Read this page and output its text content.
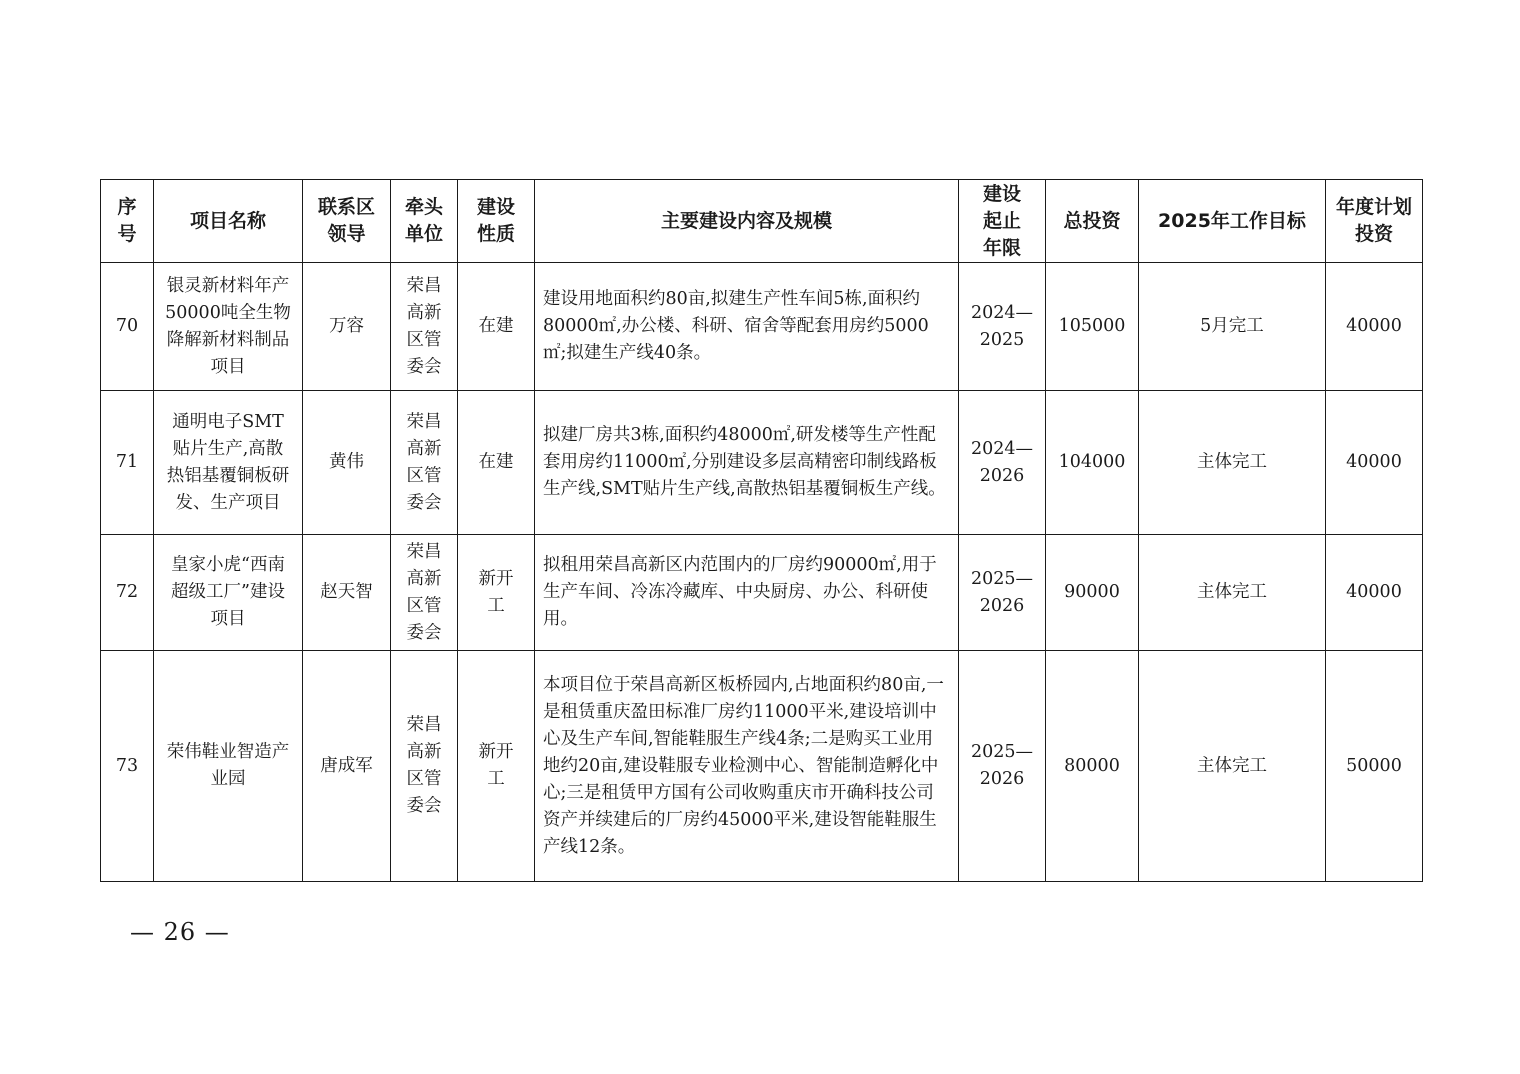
序号	项目名称	联系区领导	牵头单位	建设性质	主要建设内容及规模	建设起止年限	总投资	2025年工作目标	年度计划投资
70	银灵新材料年产50000吨全生物降解新材料制品项目	万容	荣昌高新区管委会	在建	建设用地面积约80亩,拟建生产性车间5栋,面积约80000㎡,办公楼、科研、宿舍等配套用房约5000㎡;拟建生产线40条。	2024—2025	105000	5月完工	40000
71	通明电子SMT贴片生产,高散热铝基覆铜板研发、生产项目	黄伟	荣昌高新区管委会	在建	拟建厂房共3栋,面积约48000㎡,研发楼等生产性配套用房约11000㎡,分别建设多层高精密印制线路板生产线,SMT贴片生产线,高散热铝基覆铜板生产线。	2024—2026	104000	主体完工	40000
72	皇家小虎“西南超级工厂”建设项目	赵天智	荣昌高新区管委会	新开工	拟租用荣昌高新区内范围内的厂房约90000㎡,用于生产车间、冷冻冷藏库、中央厨房、办公、科研使用。	2025—2026	90000	主体完工	40000
73	荣伟鞋业智造产业园	唐成军	荣昌高新区管委会	新开工	本项目位于荣昌高新区板桥园内,占地面积约80亩,一是租赁重庆盈田标准厂房约11000平米,建设培训中心及生产车间,智能鞋服生产线4条;二是购买工业用地约20亩,建设鞋服专业检测中心、智能制造孵化中心;三是租赁甲方国有公司收购重庆市开确科技公司资产并续建后的厂房约45000平米,建设智能鞋服生产线12条。	2025—2026	80000	主体完工	50000
— 26 —
